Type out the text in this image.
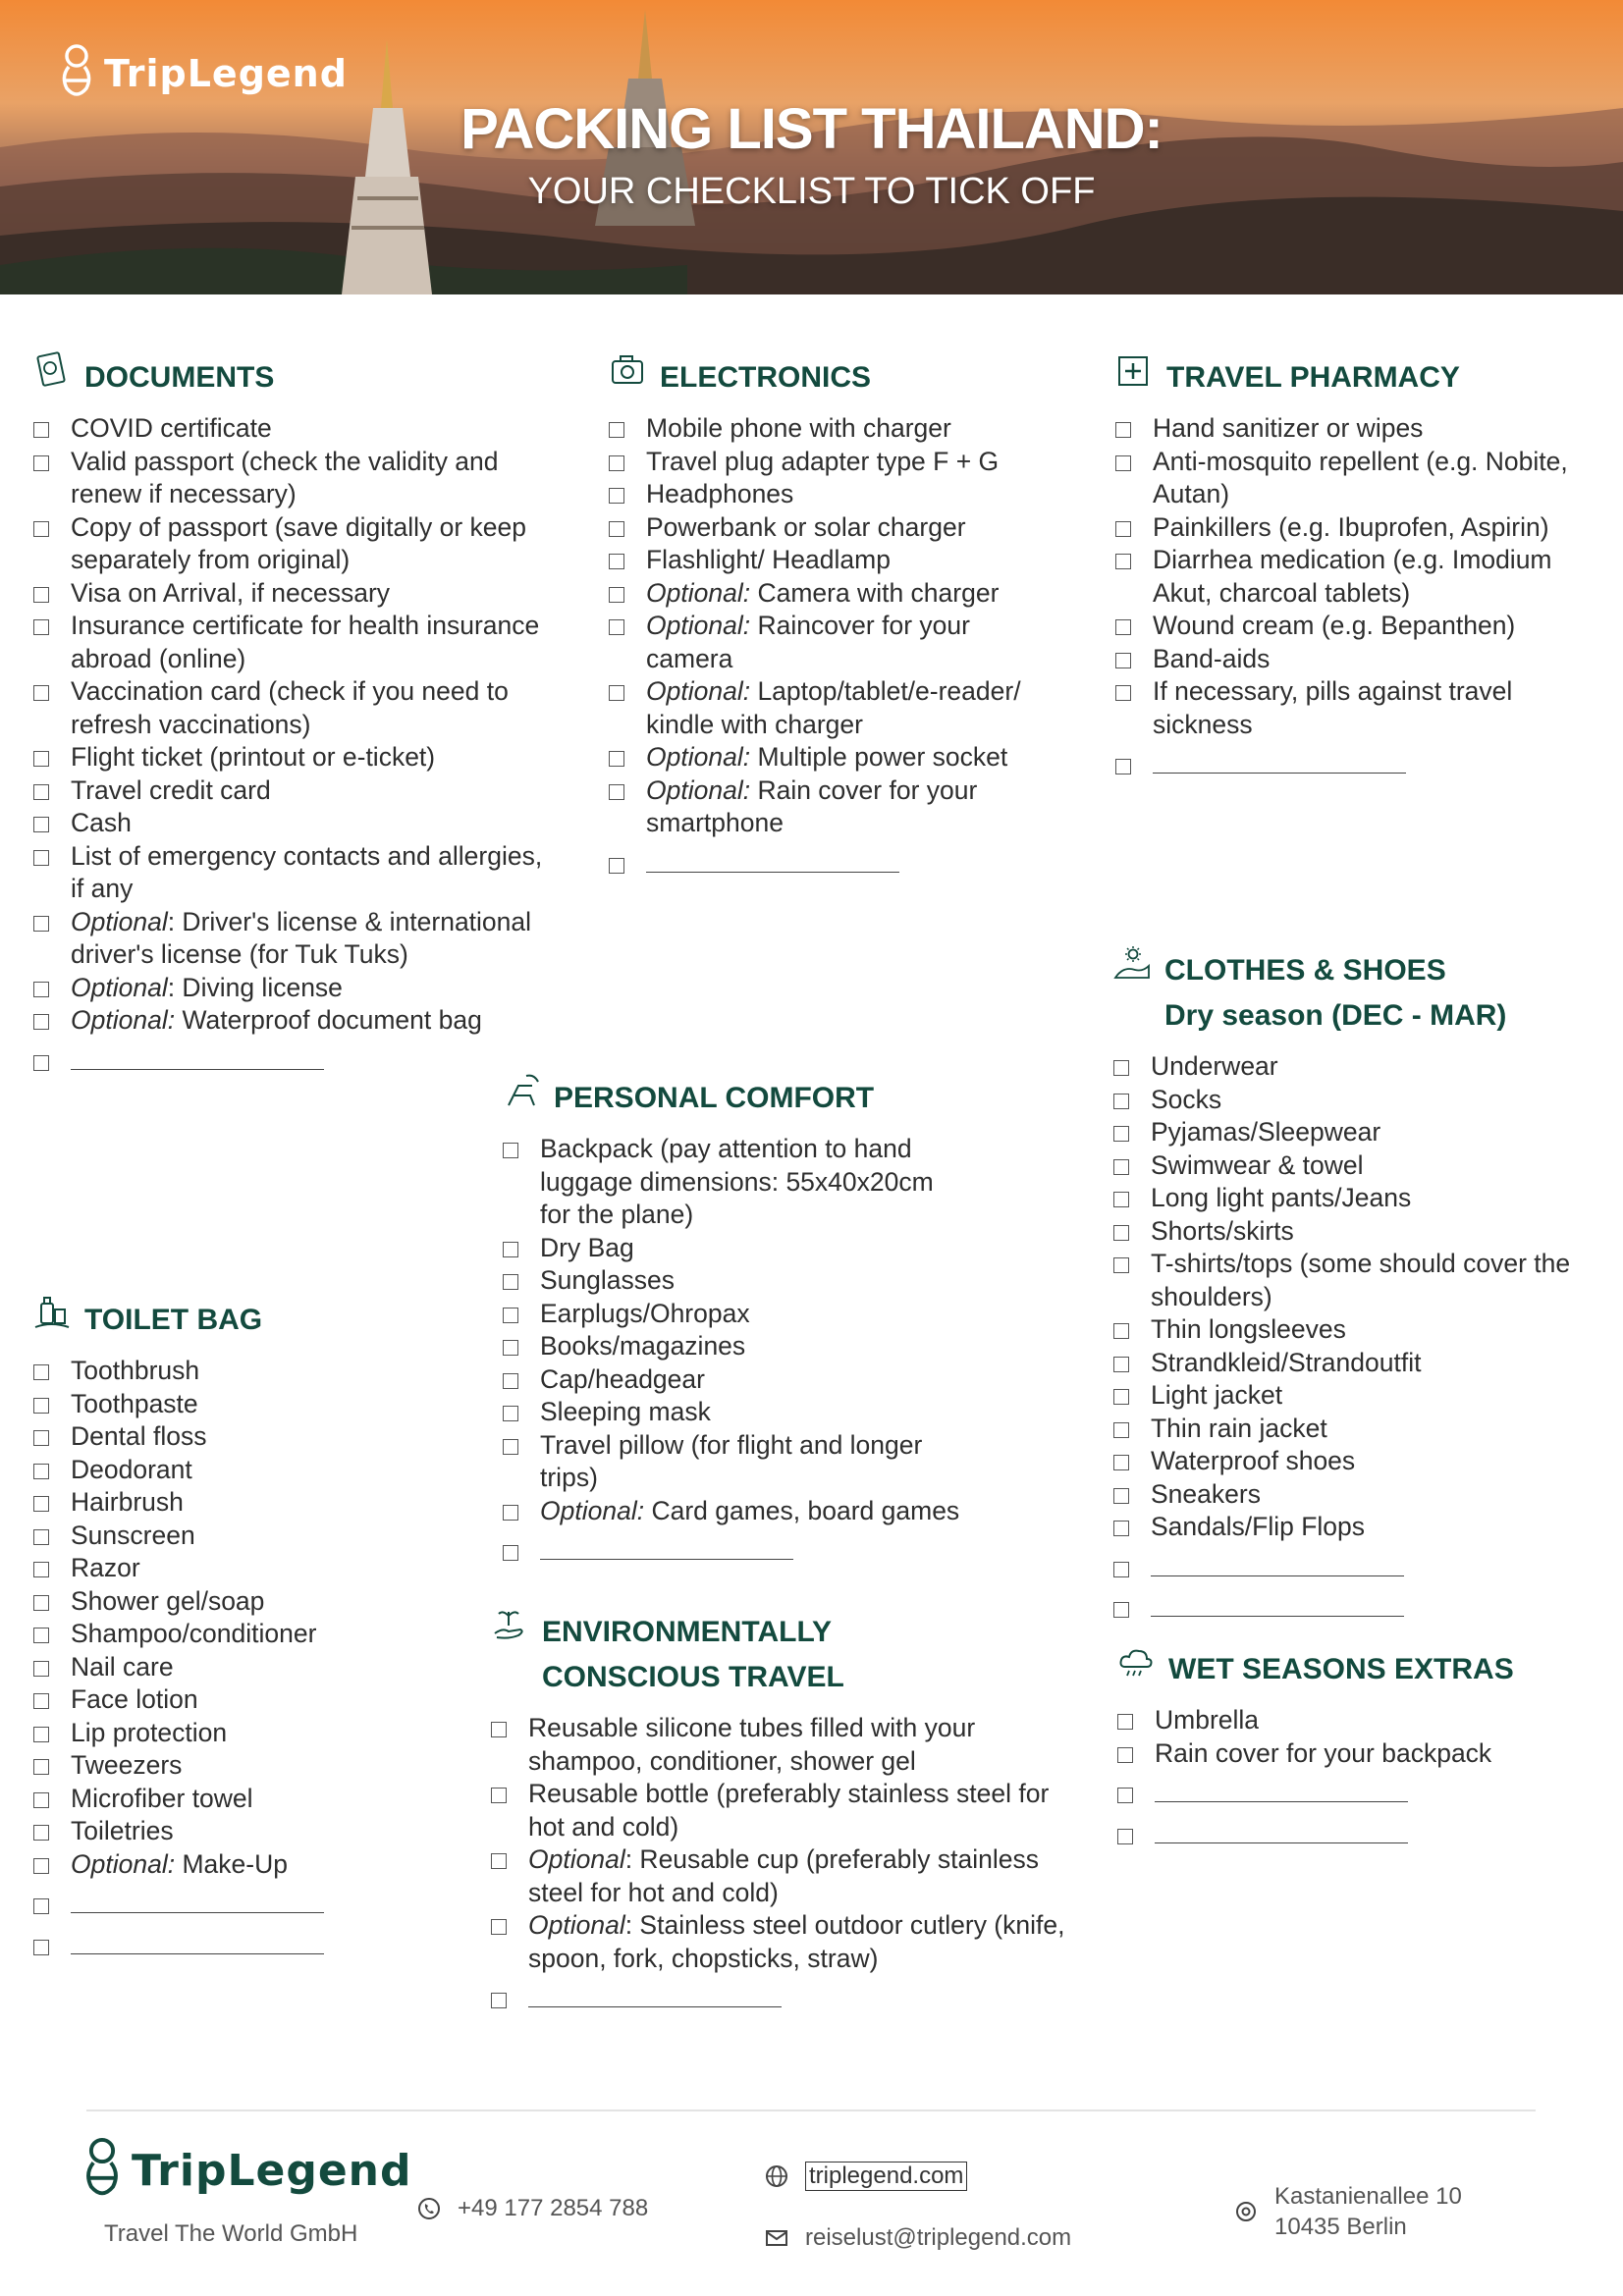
TripLegend
PACKING LIST THAILAND:
YOUR CHECKLIST TO TICK OFF
DOCUMENTS
COVID certificate
Valid passport (check the validity and
renew if necessary)
Copy of passport (save digitally or keep
separately from original)
Visa on Arrival, if necessary
Insurance certificate for health insurance
abroad (online)
Vaccination card (check if you need to
refresh vaccinations)
Flight ticket (printout or e-ticket)
Travel credit card
Cash
List of emergency contacts and allergies,
if any
Optional: Driver's license & international
driver's license (for Tuk Tuks)
Optional: Diving license
Optional: Waterproof document bag
ELECTRONICS
Mobile phone with charger
Travel plug adapter type F + G
Headphones
Powerbank or solar charger
Flashlight/ Headlamp
Optional: Camera with charger
Optional: Raincover for your
camera
Optional: Laptop/tablet/e-reader/
kindle with charger
Optional: Multiple power socket
Optional: Rain cover for your
smartphone
TRAVEL PHARMACY
Hand sanitizer or wipes
Anti-mosquito repellent (e.g. Nobite,
Autan)
Painkillers (e.g. Ibuprofen, Aspirin)
Diarrhea medication (e.g. Imodium
Akut, charcoal tablets)
Wound cream (e.g. Bepanthen)
Band-aids
If necessary, pills against travel
sickness
CLOTHES & SHOES
Dry season (DEC - MAR)
Underwear
Socks
Pyjamas/Sleepwear
Swimwear & towel
Long light pants/Jeans
Shorts/skirts
T-shirts/tops (some should cover the
shoulders)
Thin longsleeves
Strandkleid/Strandoutfit
Light jacket
Thin rain jacket
Waterproof shoes
Sneakers
Sandals/Flip Flops
PERSONAL COMFORT
Backpack (pay attention to hand
luggage dimensions: 55x40x20cm
for the plane)
Dry Bag
Sunglasses
Earplugs/Ohropax
Books/magazines
Cap/headgear
Sleeping mask
Travel pillow (for flight and longer
trips)
Optional: Card games, board games
TOILET BAG
Toothbrush
Toothpaste
Dental floss
Deodorant
Hairbrush
Sunscreen
Razor
Shower gel/soap
Shampoo/conditioner
Nail care
Face lotion
Lip protection
Tweezers
Microfiber towel
Toiletries
Optional: Make-Up
ENVIRONMENTALLY
CONSCIOUS TRAVEL
Reusable silicone tubes filled with your
shampoo, conditioner, shower gel
Reusable bottle (preferably stainless steel for
hot and cold)
Optional: Reusable cup (preferably stainless
steel for hot and cold)
Optional: Stainless steel outdoor cutlery (knife,
spoon, fork, chopsticks, straw)
WET SEASONS EXTRAS
Umbrella
Rain cover for your backpack
TripLegend
Travel The World GmbH
+49 177 2854 788
triplegend.com
reiselust@triplegend.com
Kastanienallee 10
10435 Berlin
